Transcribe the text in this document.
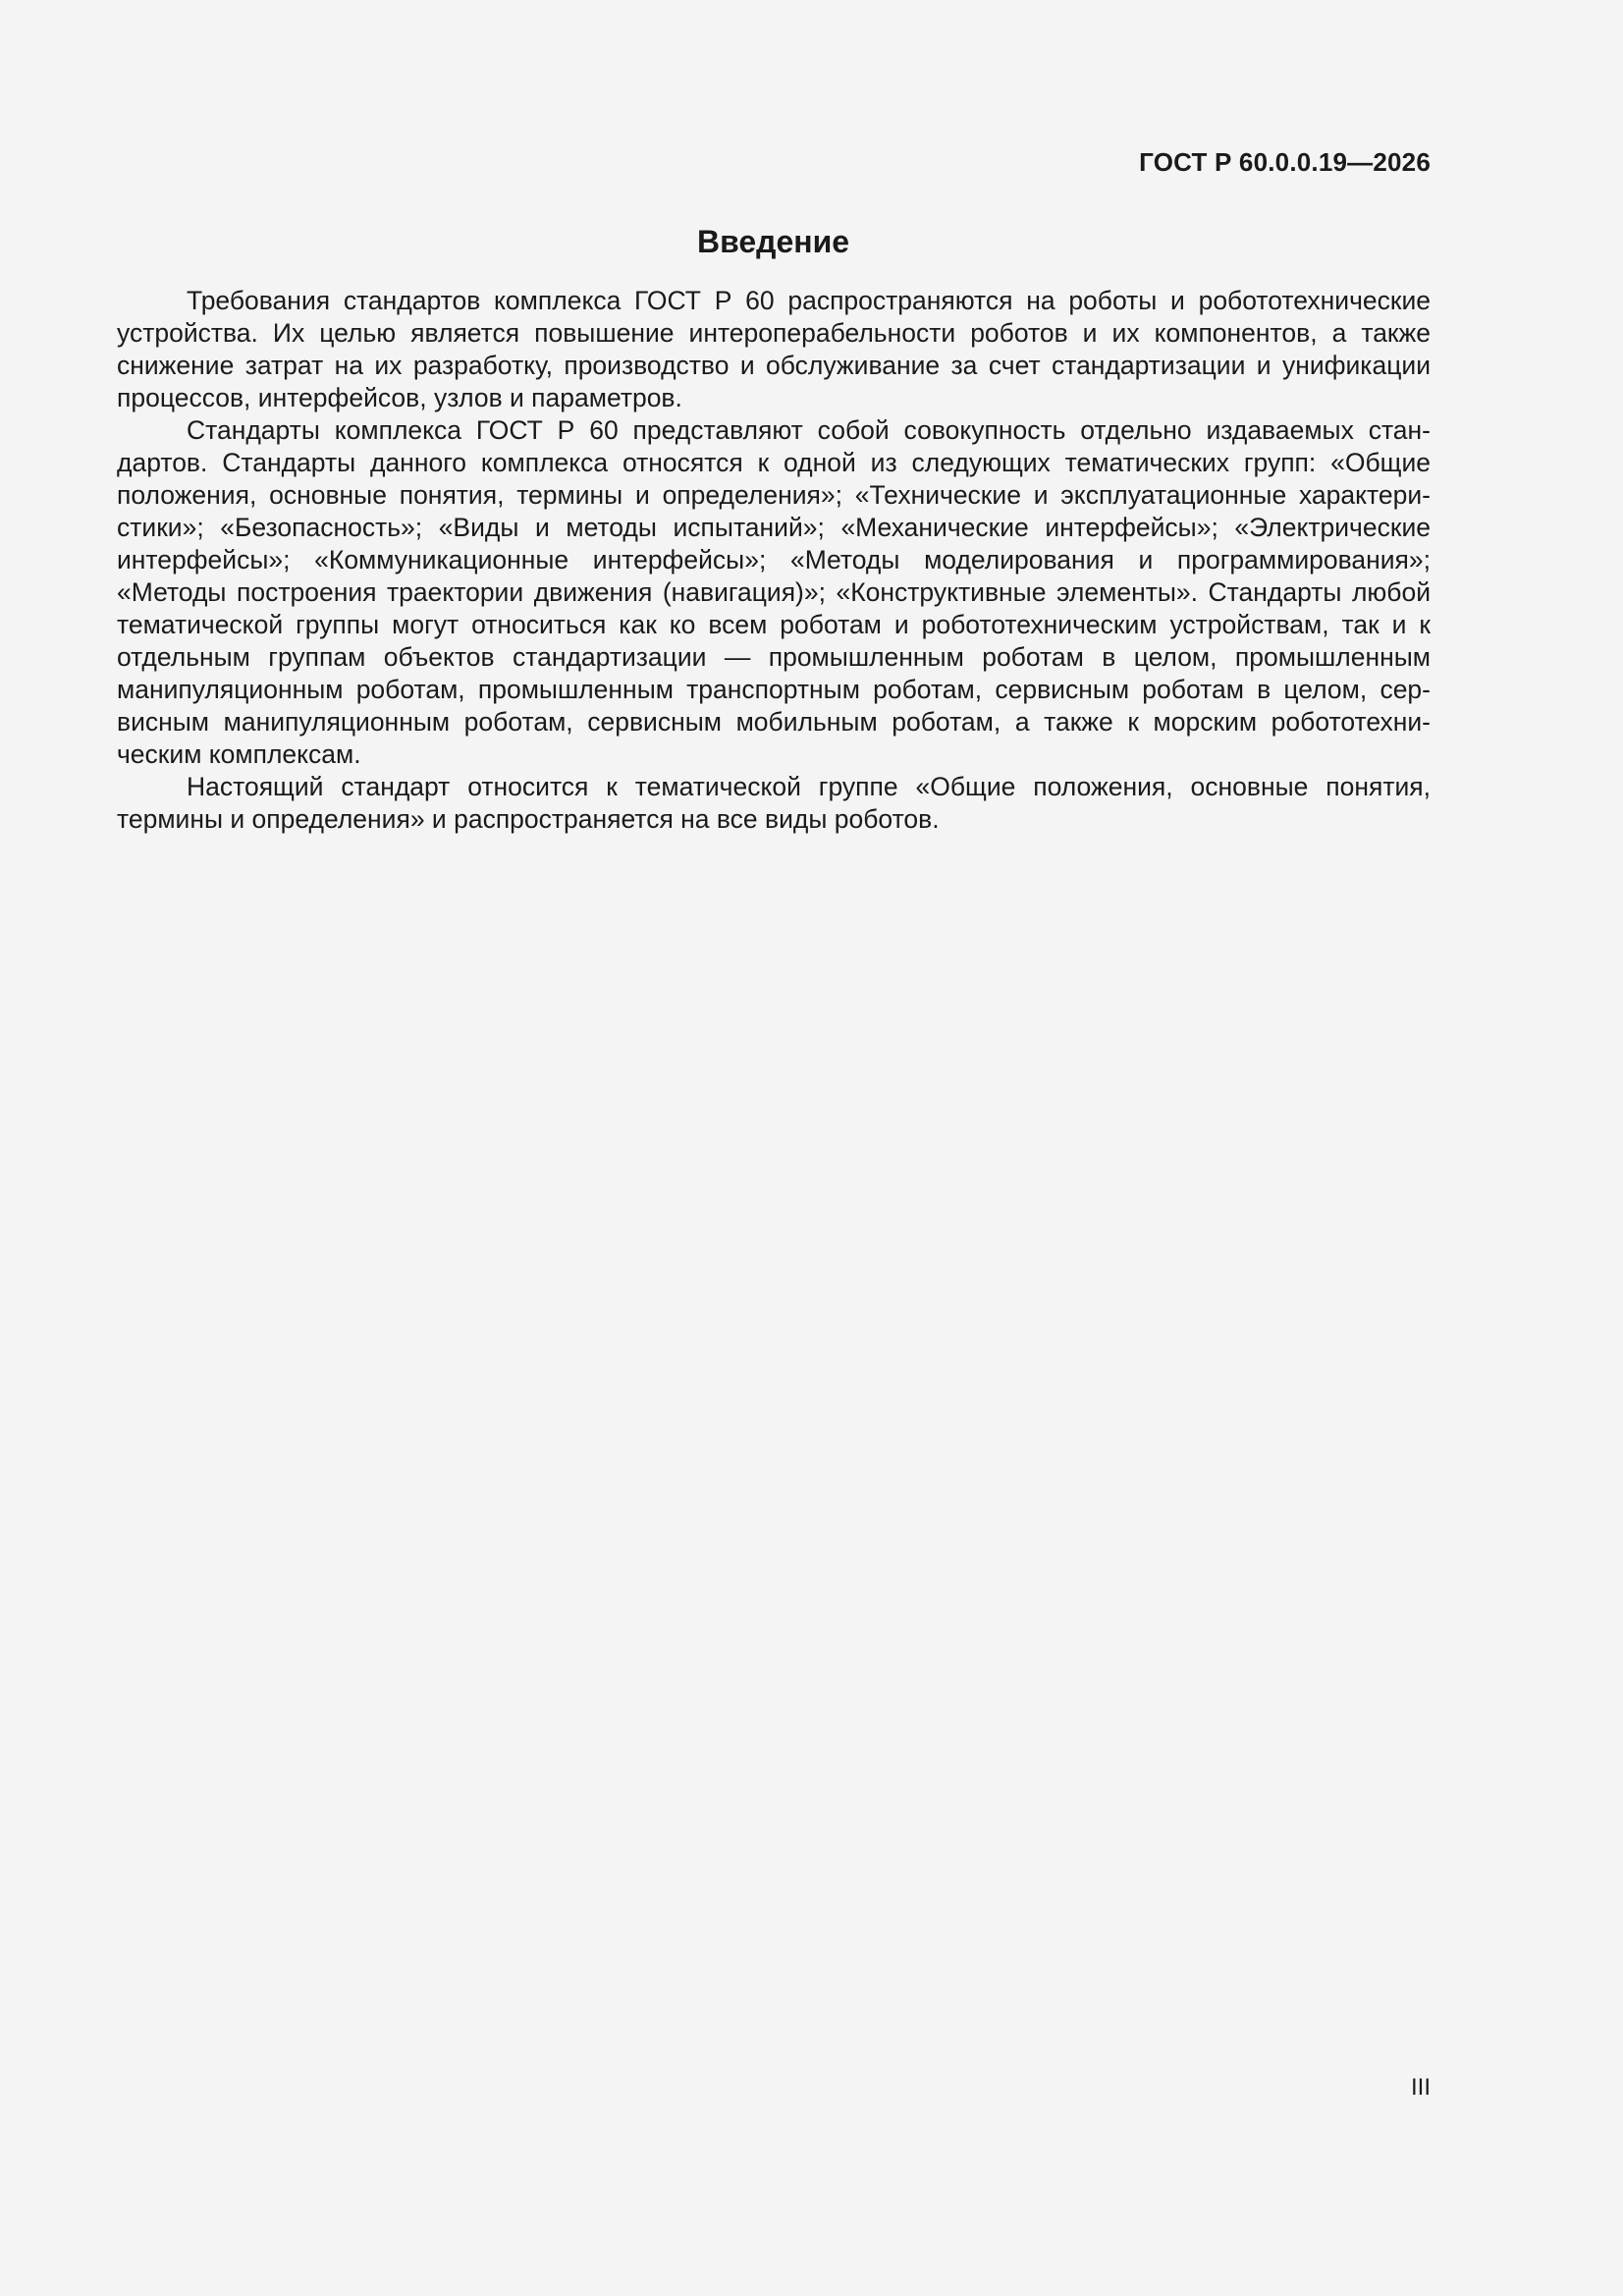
ГОСТ Р 60.0.0.19—2026
Введение

Требования стандартов комплекса ГОСТ Р 60 распространяются на роботы и робототехнические устройства. Их целью является повышение интероперабельности роботов и их компонентов, а также снижение затрат на их разработку, производство и обслуживание за счет стандартизации и унификации процессов, интерфейсов, узлов и параметров.

Стандарты комплекса ГОСТ Р 60 представляют собой совокупность отдельно издаваемых стандартов. Стандарты данного комплекса относятся к одной из следующих тематических групп: «Общие положения, основные понятия, термины и определения»; «Технические и эксплуатационные характеристики»; «Безопасность»; «Виды и методы испытаний»; «Механические интерфейсы»; «Электрические интерфейсы»; «Коммуникационные интерфейсы»; «Методы моделирования и программирования»; «Методы построения траектории движения (навигация)»; «Конструктивные элементы». Стандарты любой тематической группы могут относиться как ко всем роботам и робототехническим устройствам, так и к отдельным группам объектов стандартизации — промышленным роботам в целом, промышленным манипуляционным роботам, промышленным транспортным роботам, сервисным роботам в целом, сервисным манипуляционным роботам, сервисным мобильным роботам, а также к морским робототехническим комплексам.

Настоящий стандарт относится к тематической группе «Общие положения, основные понятия, термины и определения» и распространяется на все виды роботов.

III
